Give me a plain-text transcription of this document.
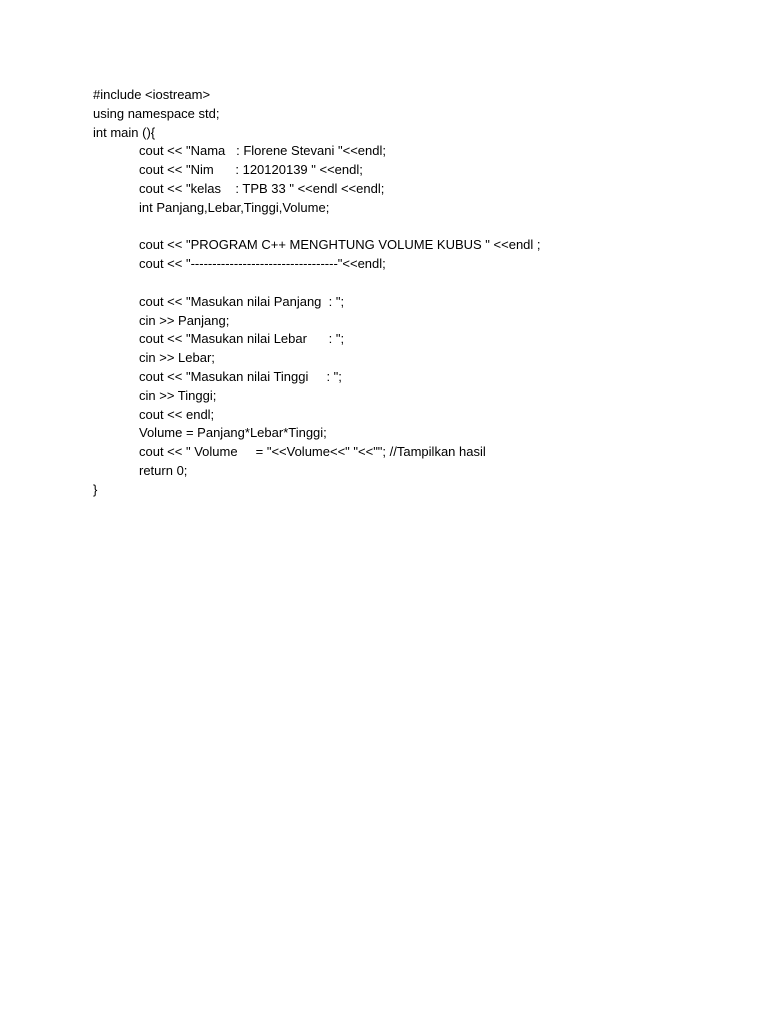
#include <iostream>
using namespace std;
int main (){
cout << "Nama   : Florene Stevani "<<endl;
cout << "Nim      : 120120139 " <<endl;
cout << "kelas    : TPB 33 " <<endl <<endl;
int Panjang,Lebar,Tinggi,Volume;
cout << "PROGRAM C++ MENGHTUNG VOLUME KUBUS " <<endl ;
cout << "----------------------------------"<<endl;
cout << "Masukan nilai Panjang  : ";
cin >> Panjang;
cout << "Masukan nilai Lebar      : ";
cin >> Lebar;
cout << "Masukan nilai Tinggi     : ";
cin >> Tinggi;
cout << endl;
Volume = Panjang*Lebar*Tinggi;
cout << " Volume     = "<<Volume<<" "<<""; //Tampilkan hasil
return 0;
}
